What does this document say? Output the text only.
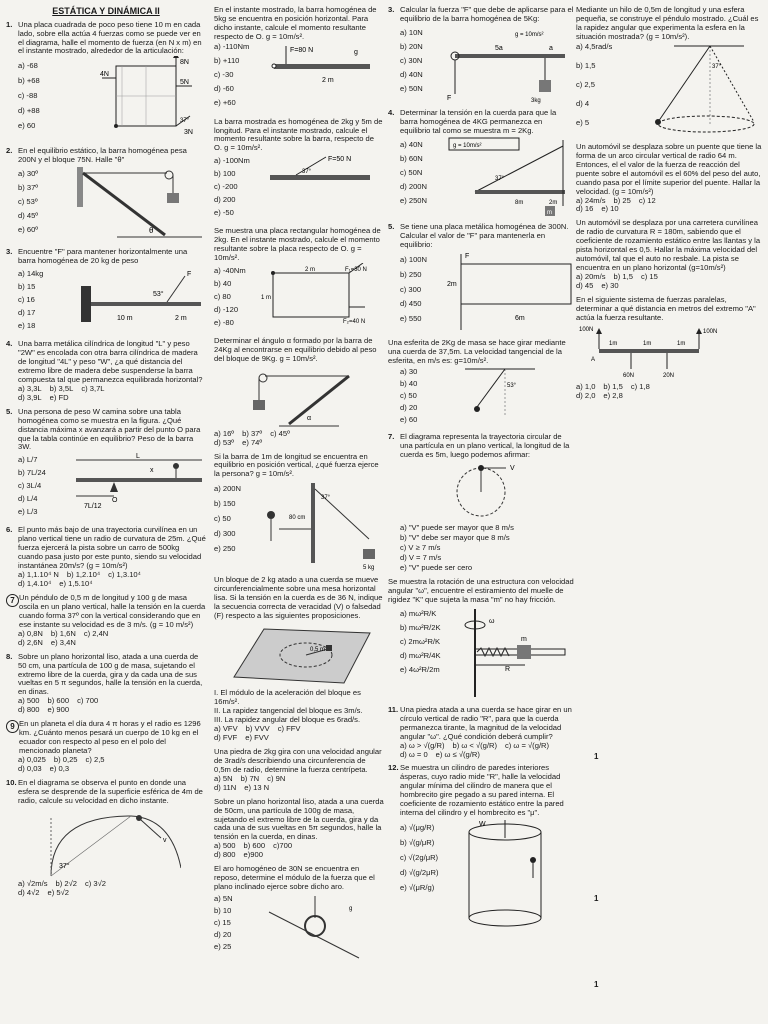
ESTÁTICA Y DINÁMICA II
1. Una placa cuadrada de poco peso tiene 10 m en cada lado, sobre ella actúa 4 fuerzas como se puede ver en el diagrama, halle el momento de fuerza (en N x m) en el instante mostrado, alrededor de la articulación:
a) -68
b) +68
c) -88
d) +88
e) 60
4N
8N
5N
37°
3N
2. En el equilibrio estático, la barra homogénea pesa 200N y el bloque 75N. Halle "θ"
a) 30º
b) 37º
c) 53º
d) 45º
e) 60º	θ
3. Encuentre "F" para mantener horizontalmente una barra homogénea de 20 kg de peso
a) 14kg
b) 15
c) 16
d) 17
e) 18
F
53°
10 m	2 m
4. Una barra metálica cilíndrica de longitud "L" y peso "2W" es encolada con otra barra cilíndrica de madera de longitud "4L" y peso "W", ¿a qué distancia del extremo libre de madera debe suspenderse la barra compuesta tal que permanezca equilibrada horizontal?
a) 3,3L b) 3,5L c) 3,7L
d) 3,9L e) FD
5. Una persona de peso W camina sobre una tabla homogénea como se muestra en la figura. ¿Qué distancia máxima x avanzará a partir del punto O para que la tabla continúe en equilibrio? Peso de la barra 3W.
a) L/7
b) 7L/24
c) 3L/4
d) L/4
e) L/3
L
x
O
7L/12
6. El punto más bajo de una trayectoria curvilínea en un plano vertical tiene un radio de curvatura de 25m. ¿Qué fuerza ejercerá la pista sobre un carro de 500kg cuando pasa justo por este punto, siendo su velocidad instantánea 20m/s? (g = 10m/s²)
a) 1,1.10⁴ N b) 1,2.10⁴ c) 1,3.10⁴
d) 1,4.10⁴ e) 1,5.10⁴
7 Un péndulo de 0,5 m de longitud y 100 g de masa oscila en un plano vertical, halle la tensión en la cuerda cuando forma 37º con la vertical considerando que en ese instante su velocidad es de 3 m/s. (g = 10 m/s²)
a) 0,8N b) 1,6N c) 2,4N
d) 2,6N e) 3,4N
8. Sobre un plano horizontal liso, atada a una cuerda de 50 cm, una partícula de 100 g de masa, sujetando el extremo libre de la cuerda, gira y da cada una de sus vueltas en 5 π segundos, halle la tensión en la cuerda, en dinas.
a) 500 b) 600 c) 700
d) 800 e) 900
9 En un planeta el día dura 4 π horas y el radio es 1296 km. ¿Cuánto menos pesará un cuerpo de 10 kg en el ecuador con respecto al peso en el polo del mencionado planeta?
a) 0,025 b) 0,25 c) 2,5
d) 0,03 e) 0,3
10. En el diagrama se observa el punto en donde una esfera se desprende de la superficie esférica de 4m de radio, calcule su velocidad en dicho instante.
37°
v
a) √2m/s b) 2√2 c) 3√2
d) 4√2 e) 5√2
En el instante mostrado, la barra homogénea de 5kg se encuentra en posición horizontal. Para dicho instante, calcule el momento resultante respecto de O. g = 10m/s².
a) -110Nm
b) +110
c) -30
d) -60
e) +60
F=80 N	g
2 m
La barra mostrada es homogénea de 2kg y 5m de longitud. Para el instante mostrado, calcule el momento resultante sobre la barra, respecto de O. g = 10m/s².
a) -100Nm
b) 100
c) -200
d) 200
e) -50
F=50 N
37°
Se muestra una placa rectangular homogénea de 2kg. En el instante mostrado, calcule el momento resultante sobre la placa respecto de O. g = 10m/s².
a) -40Nm
b) 40
c) 80
d) -120
e) -80
F₁=30 N
2 m
F₂=40 N
1 m
Determinar el ángulo α formado por la barra de 24Kg al encontrarse en equilibrio debido al peso del bloque de 9Kg. g = 10m/s².
α
a) 16º b) 37º c) 45º
d) 53º e) 74º
Si la barra de 1m de longitud se encuentra en equilibrio en posición vertical, ¿qué fuerza ejerce la persona? g = 10m/s².
a) 200N
b) 150
c) 50
d) 300
e) 250
5 kg
80 cm
37°
Un bloque de 2 kg atado a una cuerda se mueve circunferencialmente sobre una mesa horizontal lisa. Si la tensión en la cuerda es de 36 N, indique la secuencia correcta de veracidad (V) o falsedad (F) respecto a las siguientes proposiciones.
0,5 m
I. El módulo de la aceleración del bloque es 16m/s².
II. La rapidez tangencial del bloque es 3m/s.
III. La rapidez angular del bloque es 6rad/s.
a) VFV b) VVV c) FFV
d) FVF e) FVV
Una piedra de 2kg gira con una velocidad angular de 3rad/s describiendo una circunferencia de 0,5m de radio, determine la fuerza centrípeta.
a) 5N b) 7N c) 9N
d) 11N e) 13 N
Sobre un plano horizontal liso, atada a una cuerda de 50cm, una partícula de 100g de masa, sujetando el extremo libre de la cuerda, gira y da cada una de sus vueltas en 5π segundos, halle la tensión en la cuerda, en dinas.
a) 500 b) 600 c)700
d) 800 e)900
El aro homogéneo de 30N se encuentra en reposo, determine el módulo de la fuerza que el plano inclinado ejerce sobre dicho aro.
a) 5N
b) 10
c) 15
d) 20
e) 25
g
3. Calcular la fuerza "F" que debe de aplicarse para el equilibrio de la barra homogénea de 5Kg:
a) 10N
b) 20N
c) 30N
d) 40N
e) 50N
F	3kg
5a	a
g = 10m/s²
4. Determinar la tensión en la cuerda para que la barra homogénea de 4KG permanezca en equilibrio tal como se muestra m = 2Kg.
a) 40N
b) 60N
c) 50N
d) 200N
e) 250N
g = 10m/s²
37°
8m	2m
m
5. Se tiene una placa metálica homogénea de 300N. Calcular el valor de "F" para mantenerla en equilibrio:
a) 100N
b) 250
c) 300
d) 450
e) 550
F
2m
6m
Una esferita de 2Kg de masa se hace girar mediante una cuerda de 37,5m. La velocidad tangencial de la esferita, en m/s es: g=10m/s².
a) 30
b) 40
c) 50
d) 20
e) 60
53°
7. El diagrama representa la trayectoria circular de una partícula en un plano vertical, la longitud de la cuerda es 5m, luego podemos afirmar:
V
a) "V" puede ser mayor que 8 m/s
b) "V" debe ser mayor que 8 m/s
c) V ≥ 7 m/s
d) V = 7 m/s
e) "V" puede ser cero
Se muestra la rotación de una estructura con velocidad angular "ω", encuentre el estiramiento del muelle de rigidez "K" que sujeta la masa "m" no hay fricción.
a) mω²R/K
b) mω²R/2K
c) 2mω²R/K
d) mω²R/4K
e) 4ω²R/2m
ω
m
R
11. Una piedra atada a una cuerda se hace girar en un círculo vertical de radio "R", para que la cuerda permanezca tirante, la magnitud de la velocidad angular "ω". ¿Qué condición deberá cumplir?
a) ω > √(g/R) b) ω < √(g/R) c) ω = √(g/R)
d) ω = 0 e) ω ≤ √(g/R)
12. Se muestra un cilindro de paredes interiores ásperas, cuyo radio mide "R", halle la velocidad angular mínima del cilindro de manera que el hombrecito gire pegado a su pared interna. El coeficiente de rozamiento estático entre la pared interna del cilindro y el hombrecito es "μ".
a) √(μg/R)
b) √(g/μR)
c) √(2g/μR)
d) √(g/2μR)
e) √(μR/g)
W
Mediante un hilo de 0,5m de longitud y una esfera pequeña, se construye el péndulo mostrado. ¿Cuál es la rapidez angular que experimenta la esfera en la situación mostrada? (g = 10m/s²).
a) 4,5rad/s
b) 1,5
c) 2,5
d) 4
e) 5
37°
Un automóvil se desplaza sobre un puente que tiene la forma de un arco circular vertical de radio 64 m. Entonces, el el valor de la fuerza de reacción del puente sobre el automóvil es el 60% del peso del auto, cuando pasa por el límite superior del puente. Hallar la velocidad. (g = 10m/s²)
a) 24m/s b) 25 c) 12
d) 16 e) 10
Un automóvil se desplaza por una carretera curvilínea de radio de curvatura R = 180m, sabiendo que el coeficiente de rozamiento estático entre las llantas y la pista horizontal es 0,5. Hallar la máxima velocidad del automóvil, tal que el auto no resbale. La pista se encuentra en un plano horizontal (g=10m/s²)
a) 20m/s b) 1,5 c) 15
d) 45 e) 30
En el siguiente sistema de fuerzas paralelas, determinar a qué distancia en metros del extremo "A" actúa la fuerza resultante.
100N	100N
1m	1m	1m
A
60N	20N
a) 1,0 b) 1,5 c) 1,8
d) 2,0 e) 2,8
1
1
1
